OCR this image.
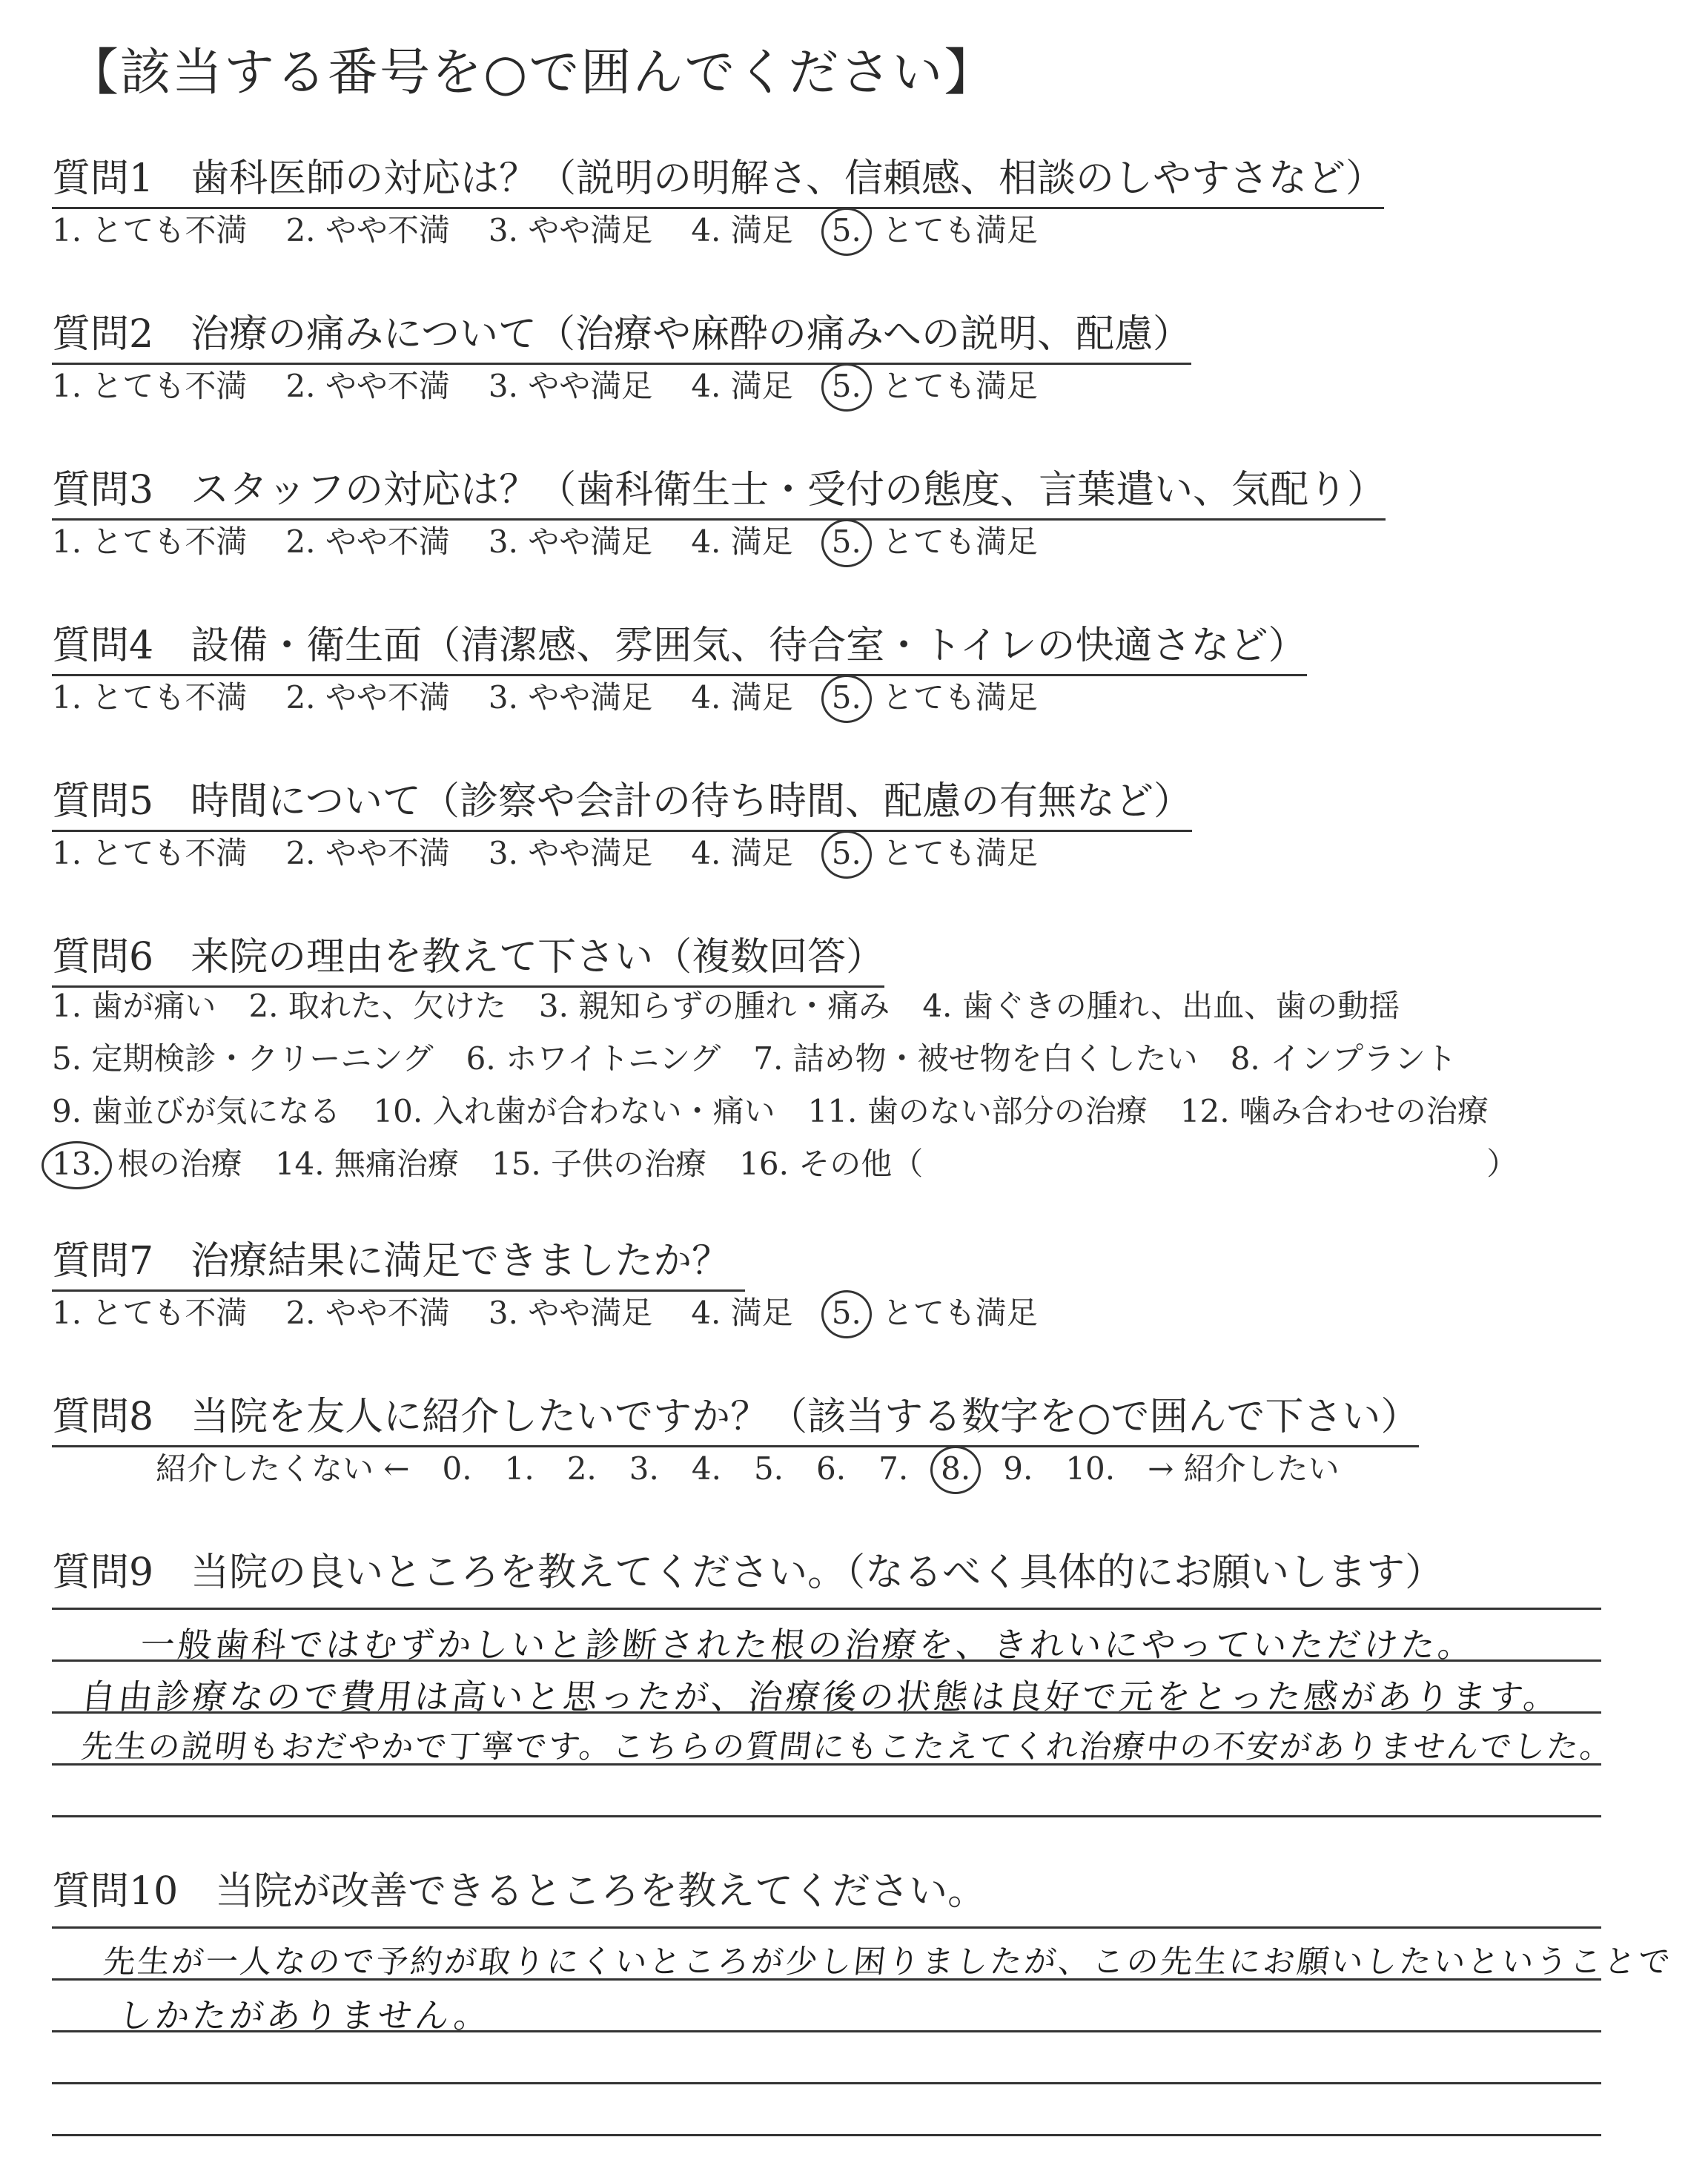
【該当する番号を○で囲んでください】
質問1 歯科医師の対応は？（説明の明解さ、信頼感、相談のしやすさなど）
1. とても不満 2. やや不満 3. やや満足 4. 満足 5. とても満足
質問2 治療の痛みについて（治療や麻酔の痛みへの説明、配慮）
1. とても不満 2. やや不満 3. やや満足 4. 満足 5. とても満足
質問3 スタッフの対応は？（歯科衛生士・受付の態度、言葉遣い、気配り）
1. とても不満 2. やや不満 3. やや満足 4. 満足 5. とても満足
質問4 設備・衛生面（清潔感、雰囲気、待合室・トイレの快適さなど）
1. とても不満 2. やや不満 3. やや満足 4. 満足 5. とても満足
質問5 時間について（診察や会計の待ち時間、配慮の有無など）
1. とても不満 2. やや不満 3. やや満足 4. 満足 5. とても満足
質問6 来院の理由を教えて下さい（複数回答）
1. 歯が痛い 2. 取れた、欠けた 3. 親知らずの腫れ・痛み 4. 歯ぐきの腫れ、出血、歯の動揺
5. 定期検診・クリーニング 6. ホワイトニング 7. 詰め物・被せ物を白くしたい 8. インプラント
9. 歯並びが気になる 10. 入れ歯が合わない・痛い 11. 歯のない部分の治療 12. 噛み合わせの治療
13. 根の治療 14. 無痛治療 15. 子供の治療 16. その他（	）
質問7 治療結果に満足できましたか？
1. とても不満 2. やや不満 3. やや満足 4. 満足 5. とても満足
質問8 当院を友人に紹介したいですか？（該当する数字を○で囲んで下さい）
紹介したくない ← 0. 1. 2. 3. 4. 5. 6. 7. 8. 9. 10. → 紹介したい
質問9 当院の良いところを教えてください。（なるべく具体的にお願いします）
一般歯科ではむずかしいと診断された根の治療を、きれいにやっていただけた。
自由診療なので費用は高いと思ったが、治療後の状態は良好で元をとった感があります。
先生の説明もおだやかで丁寧です。こちらの質問にもこたえてくれ治療中の不安がありませんでした。
質問10 当院が改善できるところを教えてください。
先生が一人なので予約が取りにくいところが少し困りましたが、この先生にお願いしたいということで
しかたがありません。
